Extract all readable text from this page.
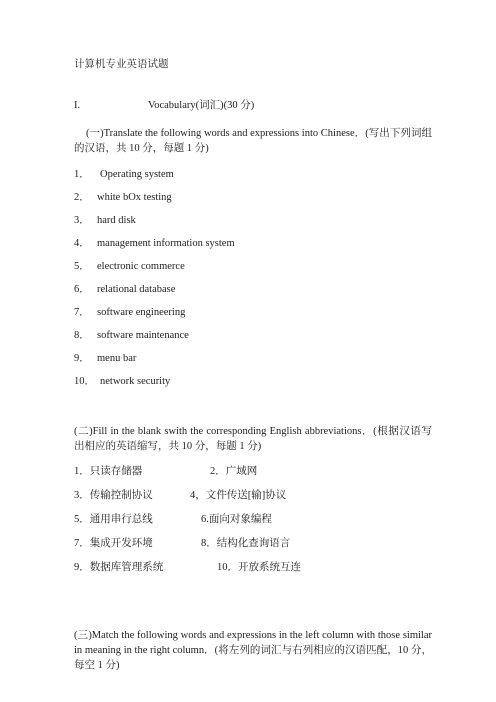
计算机专业英语试题
I.	Vocabulary(词汇)(30 分)
(一)Translate the following words and expressions into Chinese．(写出下列词组的汉语，共 10 分，每题 1 分)
1． Operating system
2． white bOx testing
3． hard disk
4． management information system
5． electronic commerce
6． relational database
7． software engineering
8． software maintenance
9． menu bar
10． network security
(二)Fill in the blank swith the corresponding English abbreviations．(根据汉语写出相应的英语缩写，共 10 分，每题 1 分)
1．只读存储器	2．广域网
3．传输控制协议	4，文件传送[输]协议
5．通用串行总线	6.面向对象编程
7．集成开发环境	8．结构化查询语言
9．数据库管理系统	10．开放系统互连
(三)Match the following words and expressions in the left column with those similar in meaning in the right column．(将左列的词汇与右列相应的汉语匹配，10 分，每空 1 分)
